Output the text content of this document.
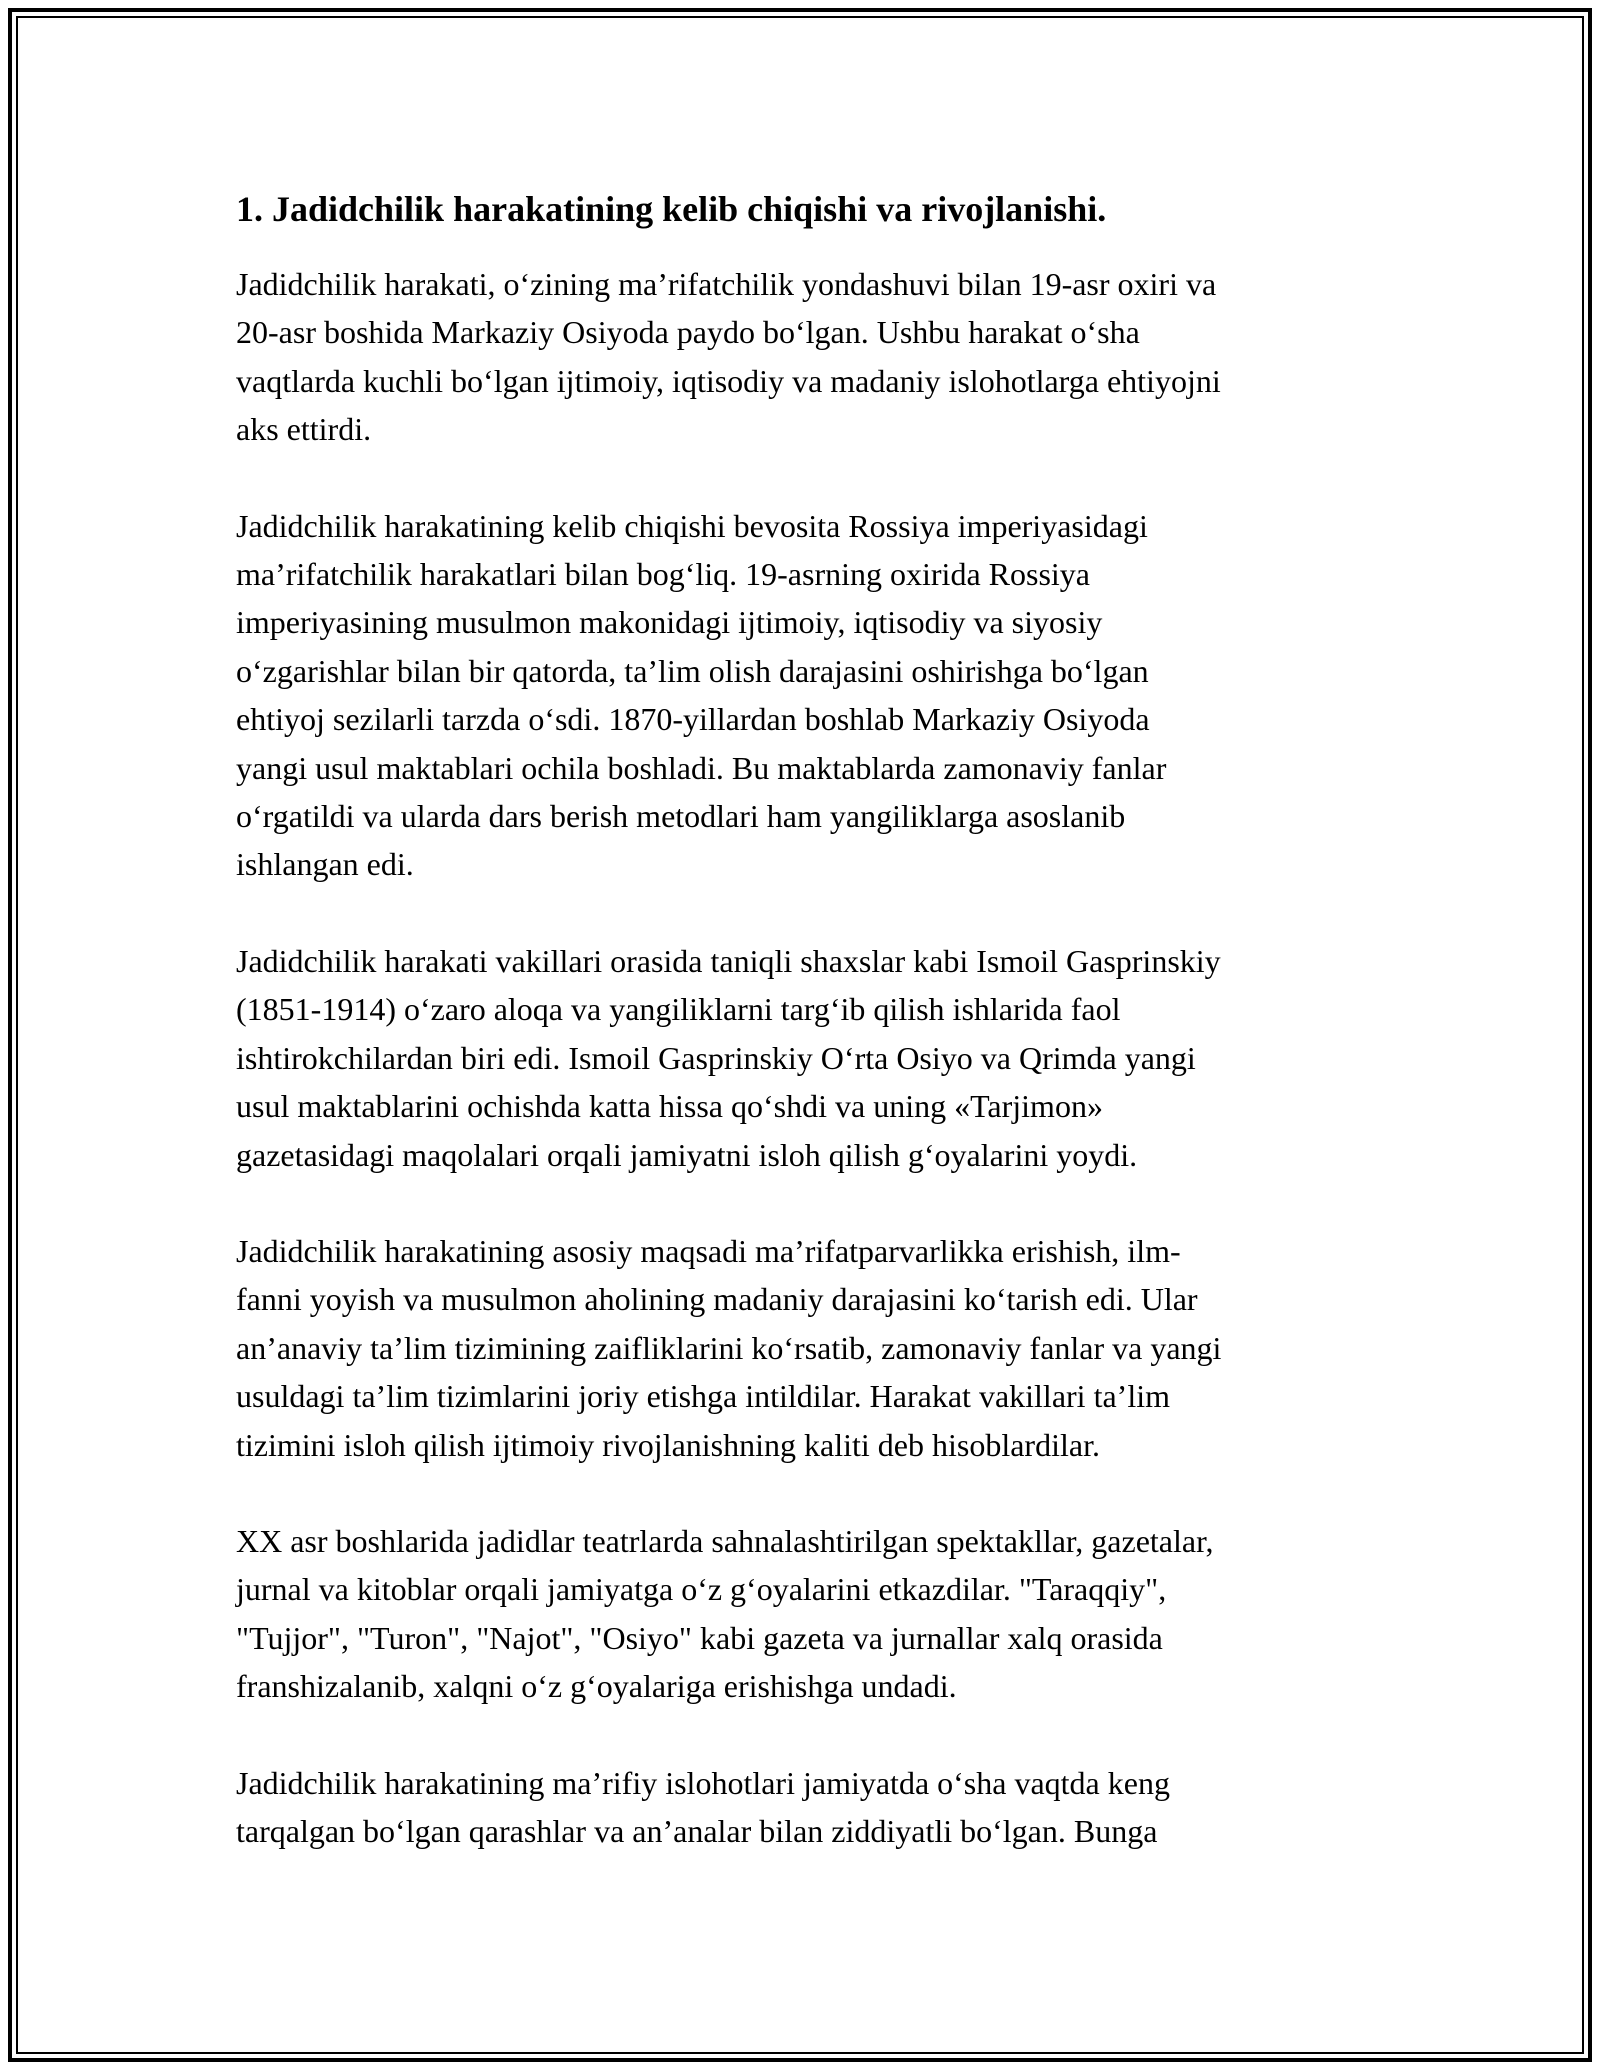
1. Jadidchilik harakatining kelib chiqishi va rivojlanishi.

Jadidchilik harakati, o‘zining ma’rifatchilik yondashuvi bilan 19-asr oxiri va
20-asr boshida Markaziy Osiyoda paydo bo‘lgan. Ushbu harakat o‘sha
vaqtlarda kuchli bo‘lgan ijtimoiy, iqtisodiy va madaniy islohotlarga ehtiyojni
aks ettirdi.

Jadidchilik harakatining kelib chiqishi bevosita Rossiya imperiyasidagi
ma’rifatchilik harakatlari bilan bog‘liq. 19-asrning oxirida Rossiya
imperiyasining musulmon makonidagi ijtimoiy, iqtisodiy va siyosiy
o‘zgarishlar bilan bir qatorda, ta’lim olish darajasini oshirishga bo‘lgan
ehtiyoj sezilarli tarzda o‘sdi. 1870-yillardan boshlab Markaziy Osiyoda
yangi usul maktablari ochila boshladi. Bu maktablarda zamonaviy fanlar
o‘rgatildi va ularda dars berish metodlari ham yangiliklarga asoslanib
ishlangan edi.

Jadidchilik harakati vakillari orasida taniqli shaxslar kabi Ismoil Gasprinskiy
(1851-1914) o‘zaro aloqa va yangiliklarni targ‘ib qilish ishlarida faol
ishtirokchilardan biri edi. Ismoil Gasprinskiy O‘rta Osiyo va Qrimda yangi
usul maktablarini ochishda katta hissa qo‘shdi va uning «Tarjimon»
gazetasidagi maqolalari orqali jamiyatni isloh qilish g‘oyalarini yoydi.

Jadidchilik harakatining asosiy maqsadi ma’rifatparvarlikka erishish, ilm-
fanni yoyish va musulmon aholining madaniy darajasini ko‘tarish edi. Ular
an’anaviy ta’lim tizimining zaifliklarini ko‘rsatib, zamonaviy fanlar va yangi
usuldagi ta’lim tizimlarini joriy etishga intildilar. Harakat vakillari ta’lim
tizimini isloh qilish ijtimoiy rivojlanishning kaliti deb hisoblardilar.

XX asr boshlarida jadidlar teatrlarda sahnalashtirilgan spektakllar, gazetalar,
jurnal va kitoblar orqali jamiyatga o‘z g‘oyalarini etkazdilar. "Taraqqiy",
"Tujjor", "Turon", "Najot", "Osiyo" kabi gazeta va jurnallar xalq orasida
franshizalanib, xalqni o‘z g‘oyalariga erishishga undadi.

Jadidchilik harakatining ma’rifiy islohotlari jamiyatda o‘sha vaqtda keng
tarqalgan bo‘lgan qarashlar va an’analar bilan ziddiyatli bo‘lgan. Bunga
